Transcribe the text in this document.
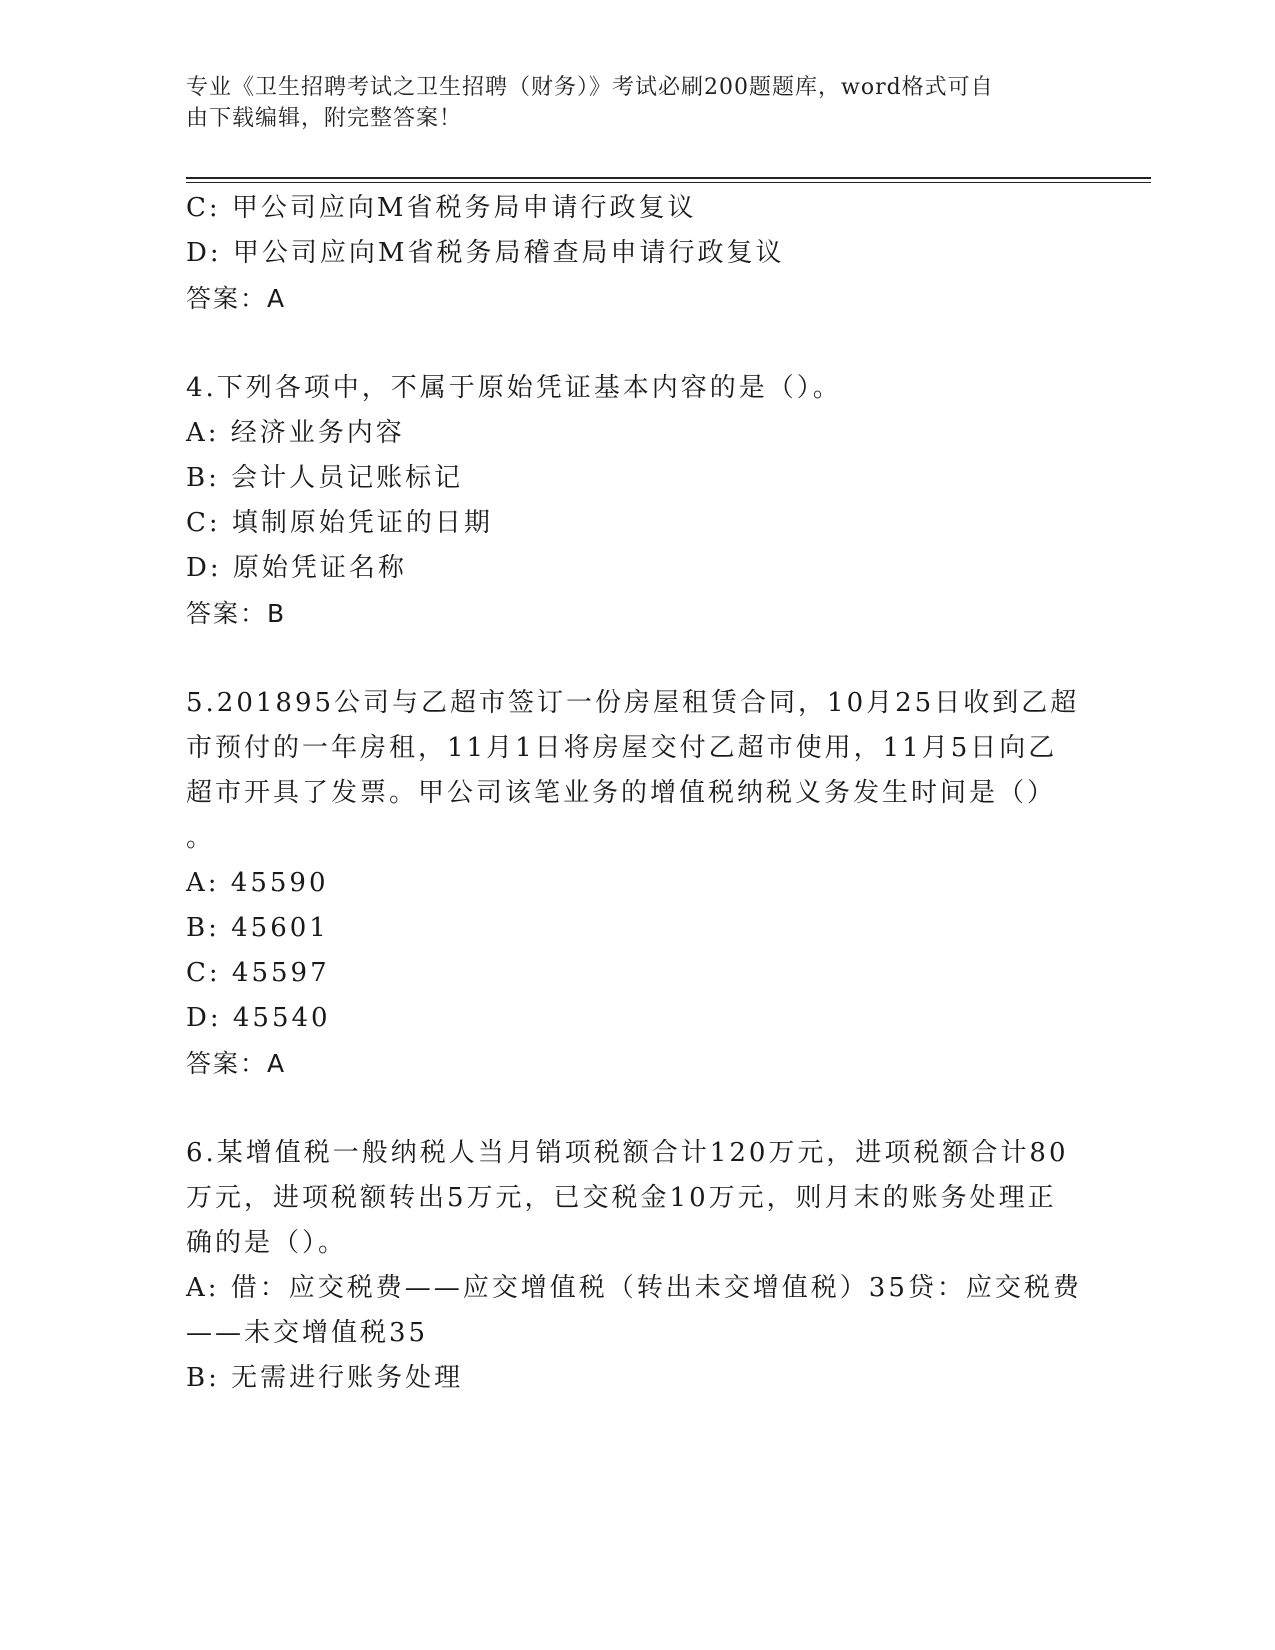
专业《卫生招聘考试之卫生招聘（财务）》考试必刷200题题库，word格式可自
由下载编辑，附完整答案！
C: 甲公司应向M省税务局申请行政复议
D: 甲公司应向M省税务局稽查局申请行政复议
答案：A
4.下列各项中，不属于原始凭证基本内容的是（）。
A: 经济业务内容
B: 会计人员记账标记
C: 填制原始凭证的日期
D: 原始凭证名称
答案：B
5.201895公司与乙超市签订一份房屋租赁合同，10月25日收到乙超
市预付的一年房租，11月1日将房屋交付乙超市使用，11月5日向乙
超市开具了发票。甲公司该笔业务的增值税纳税义务发生时间是（）
。
A: 45590
B: 45601
C: 45597
D: 45540
答案：A
6.某增值税一般纳税人当月销项税额合计120万元，进项税额合计80
万元，进项税额转出5万元，已交税金10万元，则月末的账务处理正
确的是（）。
A: 借：应交税费——应交增值税（转出未交增值税）35贷：应交税费
——未交增值税35
B: 无需进行账务处理
